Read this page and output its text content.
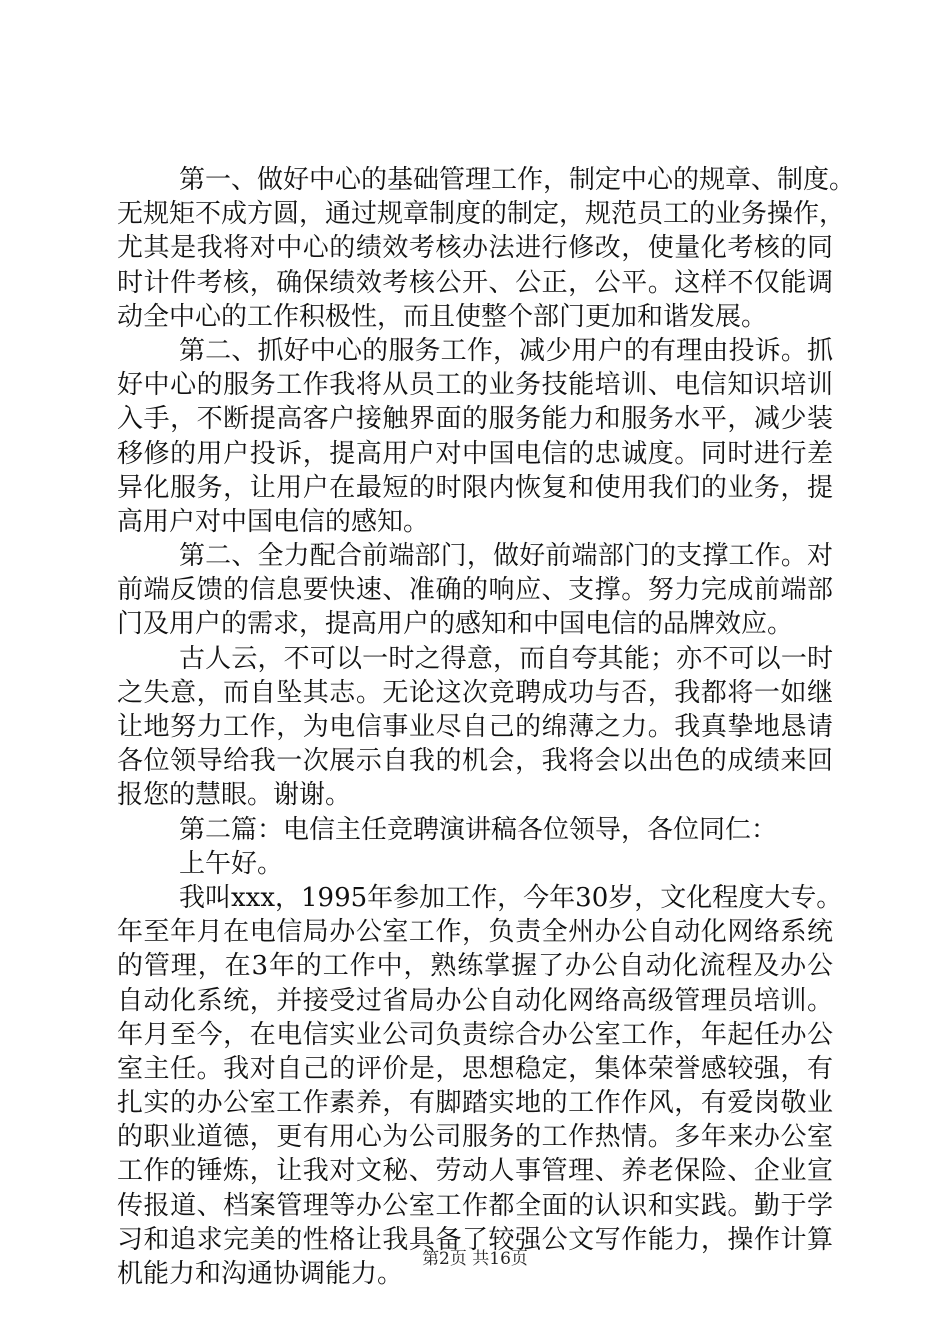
第一、做好中心的基础管理工作，制定中心的规章、制度。
无规矩不成方圆，通过规章制度的制定，规范员工的业务操作，
尤其是我将对中心的绩效考核办法进行修改，使量化考核的同
时计件考核，确保绩效考核公开、公正，公平。这样不仅能调
动全中心的工作积极性，而且使整个部门更加和谐发展。
第二、抓好中心的服务工作，减少用户的有理由投诉。抓
好中心的服务工作我将从员工的业务技能培训、电信知识培训
入手，不断提高客户接触界面的服务能力和服务水平，减少装
移修的用户投诉，提高用户对中国电信的忠诚度。同时进行差
异化服务，让用户在最短的时限内恢复和使用我们的业务，提
高用户对中国电信的感知。
第二、全力配合前端部门，做好前端部门的支撑工作。对
前端反馈的信息要快速、准确的响应、支撑。努力完成前端部
门及用户的需求，提高用户的感知和中国电信的品牌效应。
古人云，不可以一时之得意，而自夸其能；亦不可以一时
之失意，而自坠其志。无论这次竞聘成功与否，我都将一如继
让地努力工作，为电信事业尽自己的绵薄之力。我真挚地恳请
各位领导给我一次展示自我的机会，我将会以出色的成绩来回
报您的慧眼。谢谢。
第二篇：电信主任竞聘演讲稿各位领导，各位同仁：
上午好。
我叫xxx，1995年参加工作，今年30岁，文化程度大专。
年至年月在电信局办公室工作，负责全州办公自动化网络系统
的管理，在3年的工作中，熟练掌握了办公自动化流程及办公
自动化系统，并接受过省局办公自动化网络高级管理员培训。
年月至今，在电信实业公司负责综合办公室工作，年起任办公
室主任。我对自己的评价是，思想稳定，集体荣誉感较强，有
扎实的办公室工作素养，有脚踏实地的工作作风，有爱岗敬业
的职业道德，更有用心为公司服务的工作热情。多年来办公室
工作的锤炼，让我对文秘、劳动人事管理、养老保险、企业宣
传报道、档案管理等办公室工作都全面的认识和实践。勤于学
习和追求完美的性格让我具备了较强公文写作能力，操作计算
机能力和沟通协调能力。	第2页 共16页
